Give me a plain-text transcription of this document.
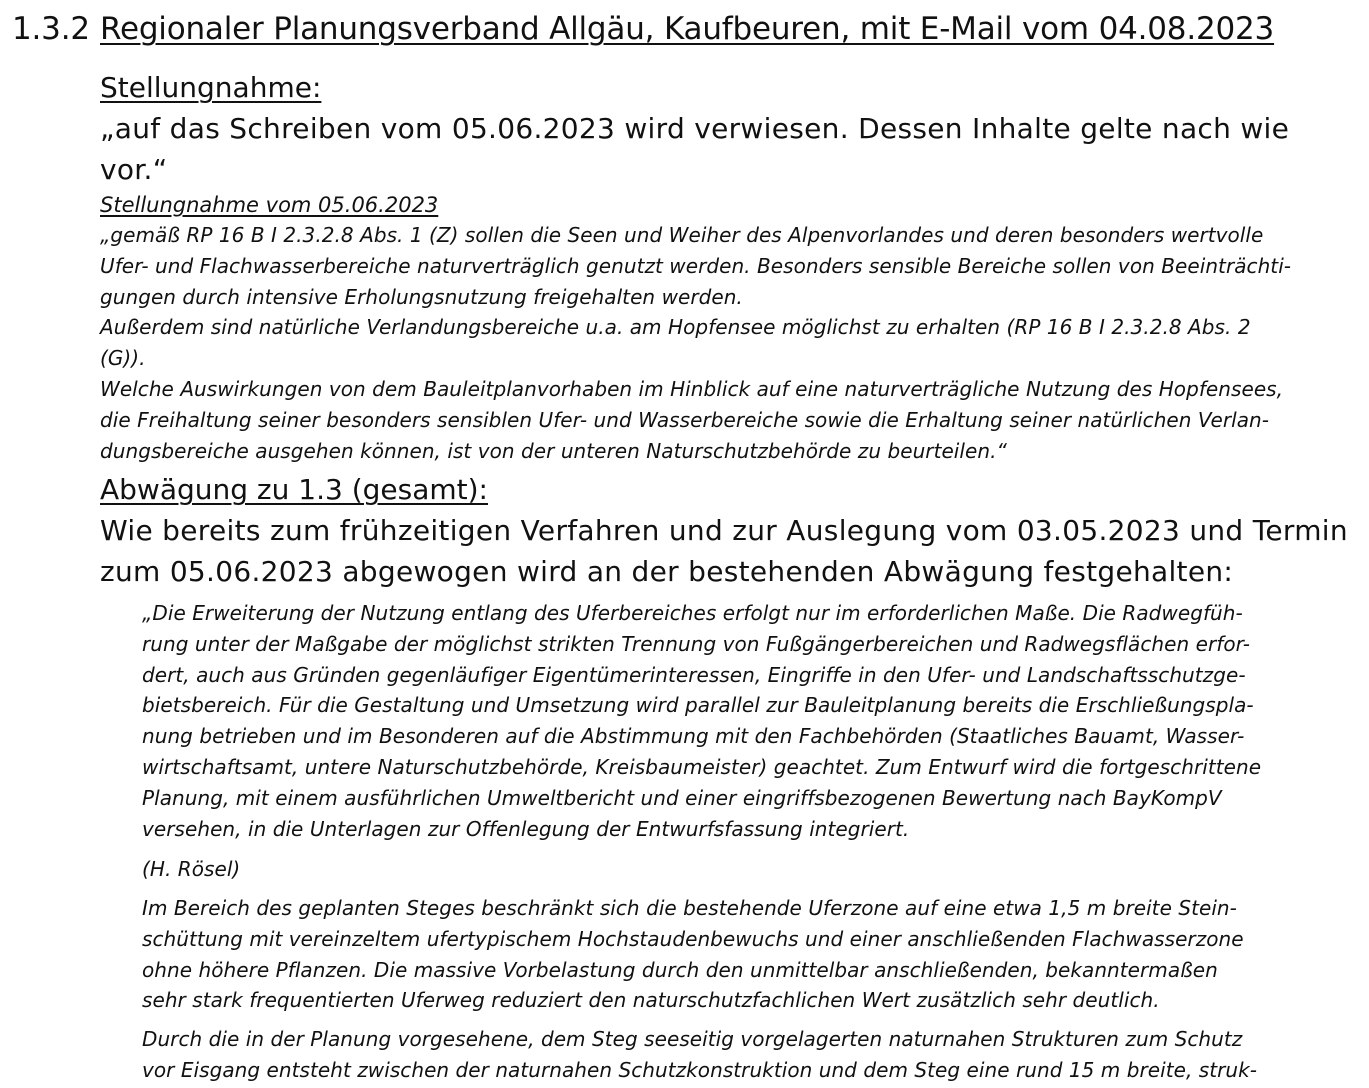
1.3.2 Regionaler Planungsverband Allgäu, Kaufbeuren, mit E-Mail vom 04.08.2023
Stellungnahme:
„auf das Schreiben vom 05.06.2023 wird verwiesen. Dessen Inhalte gelte nach wie
vor.“
Stellungnahme vom 05.06.2023
„gemäß RP 16 B I 2.3.2.8 Abs. 1 (Z) sollen die Seen und Weiher des Alpenvorlandes und deren besonders wertvolle
Ufer- und Flachwasserbereiche naturverträglich genutzt werden. Besonders sensible Bereiche sollen von Beeinträchti-
gungen durch intensive Erholungsnutzung freigehalten werden.
Außerdem sind natürliche Verlandungsbereiche u.a. am Hopfensee möglichst zu erhalten (RP 16 B I 2.3.2.8 Abs. 2
(G)).
Welche Auswirkungen von dem Bauleitplanvorhaben im Hinblick auf eine naturverträgliche Nutzung des Hopfensees,
die Freihaltung seiner besonders sensiblen Ufer- und Wasserbereiche sowie die Erhaltung seiner natürlichen Verlan-
dungsbereiche ausgehen können, ist von der unteren Naturschutzbehörde zu beurteilen.“
Abwägung zu 1.3 (gesamt):
Wie bereits zum frühzeitigen Verfahren und zur Auslegung vom 03.05.2023 und Termin
zum 05.06.2023 abgewogen wird an der bestehenden Abwägung festgehalten:

„Die Erweiterung der Nutzung entlang des Uferbereiches erfolgt nur im erforderlichen Maße. Die Radwegfüh-
rung unter der Maßgabe der möglichst strikten Trennung von Fußgängerbereichen und Radwegsflächen erfor-
dert, auch aus Gründen gegenläufiger Eigentümerinteressen, Eingriffe in den Ufer- und Landschaftsschutzge-
bietsbereich. Für die Gestaltung und Umsetzung wird parallel zur Bauleitplanung bereits die Erschließungspla-
nung betrieben und im Besonderen auf die Abstimmung mit den Fachbehörden (Staatliches Bauamt, Wasser-
wirtschaftsamt, untere Naturschutzbehörde, Kreisbaumeister) geachtet. Zum Entwurf wird die fortgeschrittene
Planung, mit einem ausführlichen Umweltbericht und einer eingriffsbezogenen Bewertung nach BayKompV
versehen, in die Unterlagen zur Offenlegung der Entwurfsfassung integriert.

(H. Rösel)

Im Bereich des geplanten Steges beschränkt sich die bestehende Uferzone auf eine etwa 1,5 m breite Stein-
schüttung mit vereinzeltem ufertypischem Hochstaudenbewuchs und einer anschließenden Flachwasserzone
ohne höhere Pflanzen. Die massive Vorbelastung durch den unmittelbar anschließenden, bekanntermaßen
sehr stark frequentierten Uferweg reduziert den naturschutzfachlichen Wert zusätzlich sehr deutlich.

Durch die in der Planung vorgesehene, dem Steg seeseitig vorgelagerten naturnahen Strukturen zum Schutz
vor Eisgang entsteht zwischen der naturnahen Schutzkonstruktion und dem Steg eine rund 15 m breite, struk-
